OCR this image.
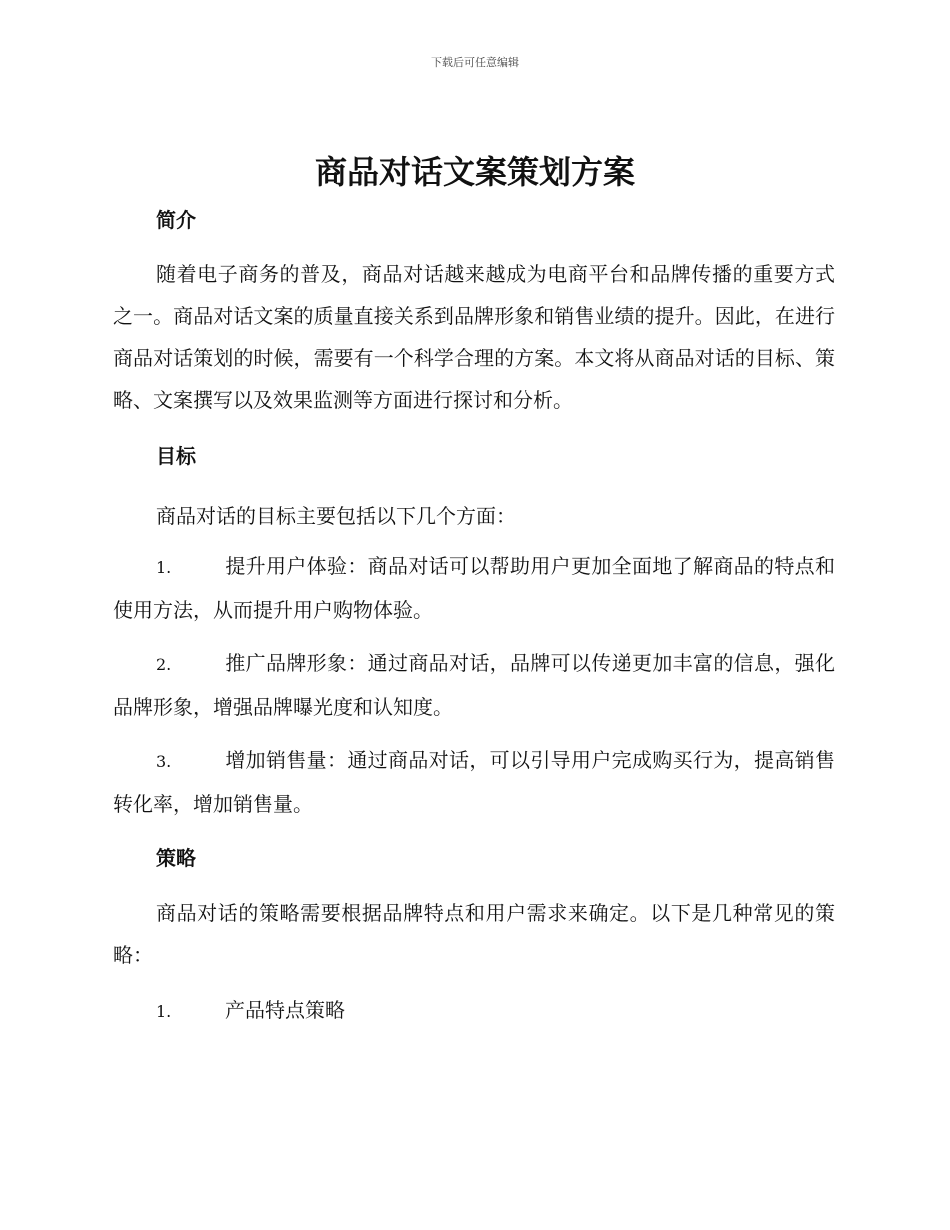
下载后可任意编辑
商品对话文案策划方案
简介

随着电子商务的普及，商品对话越来越成为电商平台和品牌传播的重要方式之一。商品对话文案的质量直接关系到品牌形象和销售业绩的提升。因此，在进行商品对话策划的时候，需要有一个科学合理的方案。本文将从商品对话的目标、策略、文案撰写以及效果监测等方面进行探讨和分析。

目标

商品对话的目标主要包括以下几个方面：

1.	提升用户体验：商品对话可以帮助用户更加全面地了解商品的特点和使用方法，从而提升用户购物体验。

2.	推广品牌形象：通过商品对话，品牌可以传递更加丰富的信息，强化品牌形象，增强品牌曝光度和认知度。

3.	增加销售量：通过商品对话，可以引导用户完成购买行为，提高销售转化率，增加销售量。

策略

商品对话的策略需要根据品牌特点和用户需求来确定。以下是几种常见的策略：

1.	产品特点策略
